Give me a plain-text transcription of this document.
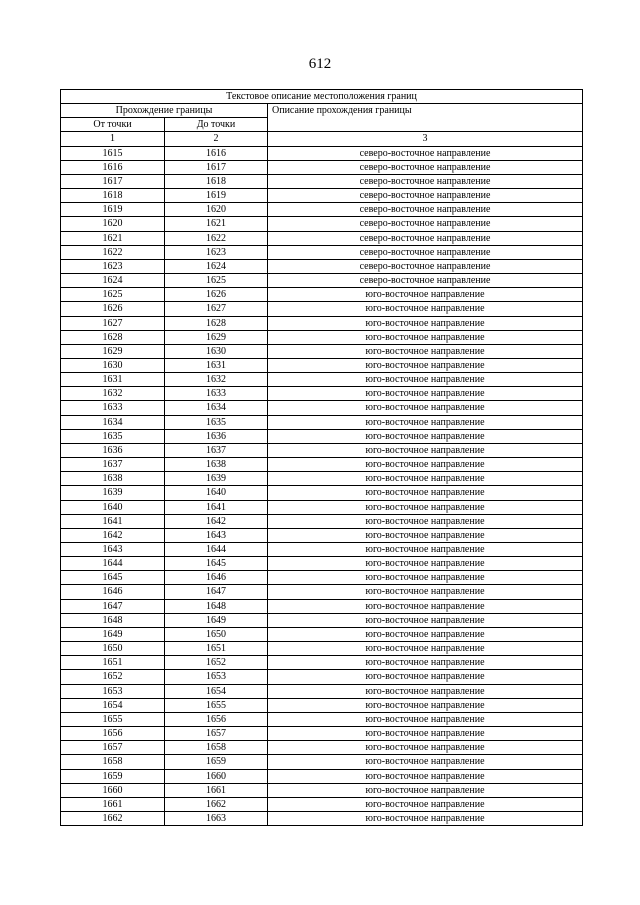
612
Текстовое описание местоположения границ		
Прохождение границы		Описание прохождения границы
От точки	До точки	
1	2	3
1615	1616	северо-восточное направление
1616	1617	северо-восточное направление
1617	1618	северо-восточное направление
1618	1619	северо-восточное направление
1619	1620	северо-восточное направление
1620	1621	северо-восточное направление
1621	1622	северо-восточное направление
1622	1623	северо-восточное направление
1623	1624	северо-восточное направление
1624	1625	северо-восточное направление
1625	1626	юго-восточное направление
1626	1627	юго-восточное направление
1627	1628	юго-восточное направление
1628	1629	юго-восточное направление
1629	1630	юго-восточное направление
1630	1631	юго-восточное направление
1631	1632	юго-восточное направление
1632	1633	юго-восточное направление
1633	1634	юго-восточное направление
1634	1635	юго-восточное направление
1635	1636	юго-восточное направление
1636	1637	юго-восточное направление
1637	1638	юго-восточное направление
1638	1639	юго-восточное направление
1639	1640	юго-восточное направление
1640	1641	юго-восточное направление
1641	1642	юго-восточное направление
1642	1643	юго-восточное направление
1643	1644	юго-восточное направление
1644	1645	юго-восточное направление
1645	1646	юго-восточное направление
1646	1647	юго-восточное направление
1647	1648	юго-восточное направление
1648	1649	юго-восточное направление
1649	1650	юго-восточное направление
1650	1651	юго-восточное направление
1651	1652	юго-восточное направление
1652	1653	юго-восточное направление
1653	1654	юго-восточное направление
1654	1655	юго-восточное направление
1655	1656	юго-восточное направление
1656	1657	юго-восточное направление
1657	1658	юго-восточное направление
1658	1659	юго-восточное направление
1659	1660	юго-восточное направление
1660	1661	юго-восточное направление
1661	1662	юго-восточное направление
1662	1663	юго-восточное направление
